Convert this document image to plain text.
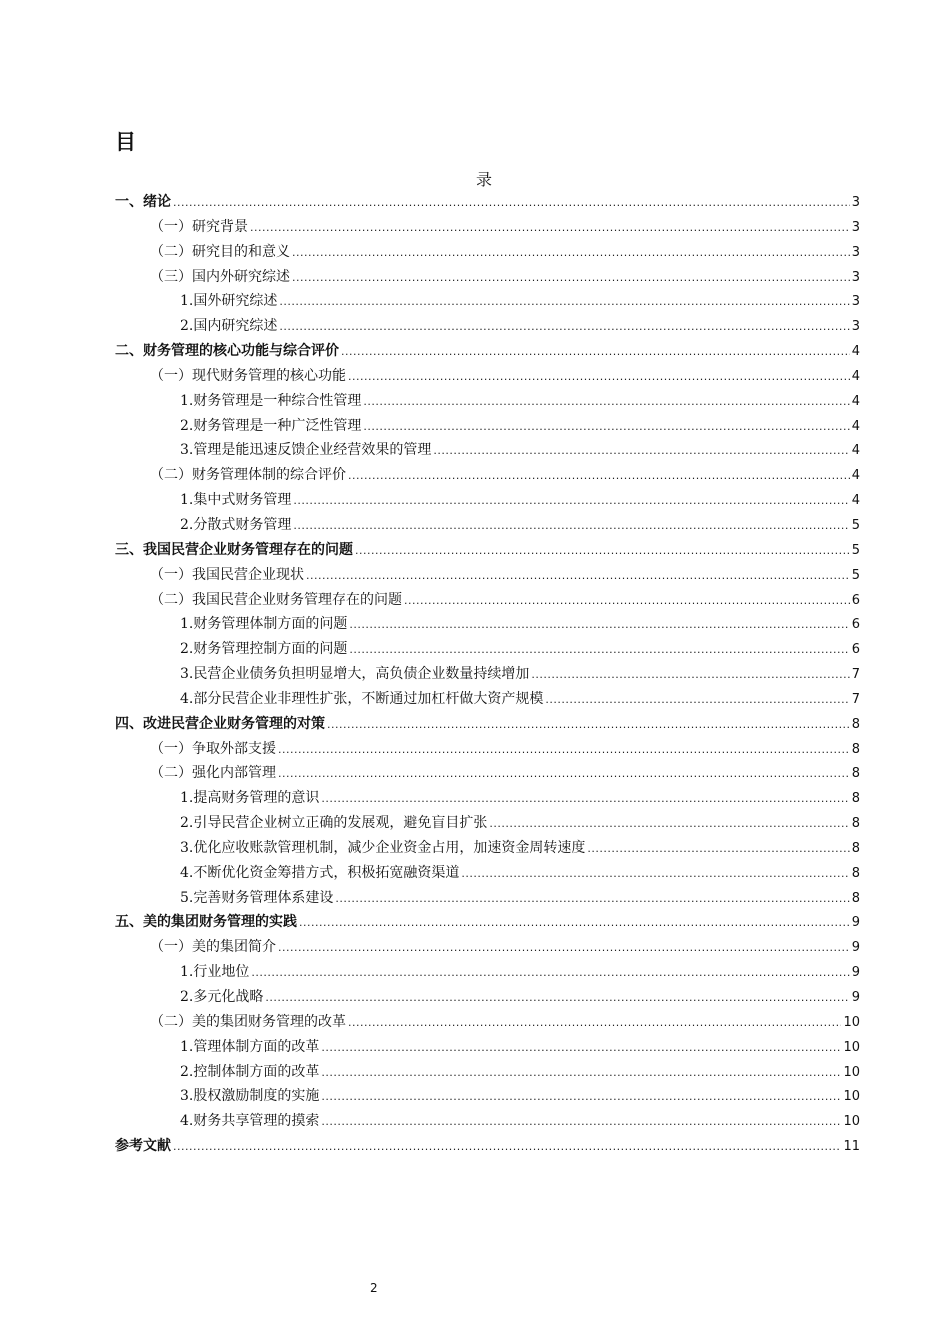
目
录
一、绪论 .....	3
（一）研究背景 .....	3
（二）研究目的和意义 .....	3
（三）国内外研究综述 .....	3
1.国外研究综述 .....	3
2.国内研究综述 .....	3
二、财务管理的核心功能与综合评价 .....	4
（一）现代财务管理的核心功能 .....	4
1.财务管理是一种综合性管理 .....	4
2.财务管理是一种广泛性管理 .....	4
3.管理是能迅速反馈企业经营效果的管理 .....	4
（二）财务管理体制的综合评价 .....	4
1.集中式财务管理 .....	4
2.分散式财务管理 .....	5
三、我国民营企业财务管理存在的问题 .....	5
（一）我国民营企业现状 .....	5
（二）我国民营企业财务管理存在的问题 .....	6
1.财务管理体制方面的问题 .....	6
2.财务管理控制方面的问题 .....	6
3.民营企业债务负担明显增大，高负债企业数量持续增加 .....	7
4.部分民营企业非理性扩张，不断通过加杠杆做大资产规模 .....	7
四、改进民营企业财务管理的对策 .....	8
（一）争取外部支援 .....	8
（二）强化内部管理 .....	8
1.提高财务管理的意识 .....	8
2.引导民营企业树立正确的发展观，避免盲目扩张 .....	8
3.优化应收账款管理机制，减少企业资金占用，加速资金周转速度 .....	8
4.不断优化资金筹措方式，积极拓宽融资渠道 .....	8
5.完善财务管理体系建设 .....	8
五、美的集团财务管理的实践 .....	9
（一）美的集团简介 .....	9
1.行业地位 .....	9
2.多元化战略 .....	9
（二）美的集团财务管理的改革 .....	10
1.管理体制方面的改革 .....	10
2.控制体制方面的改革 .....	10
3.股权激励制度的实施 .....	10
4.财务共享管理的摸索 .....	10
参考文献 .....	11
2
